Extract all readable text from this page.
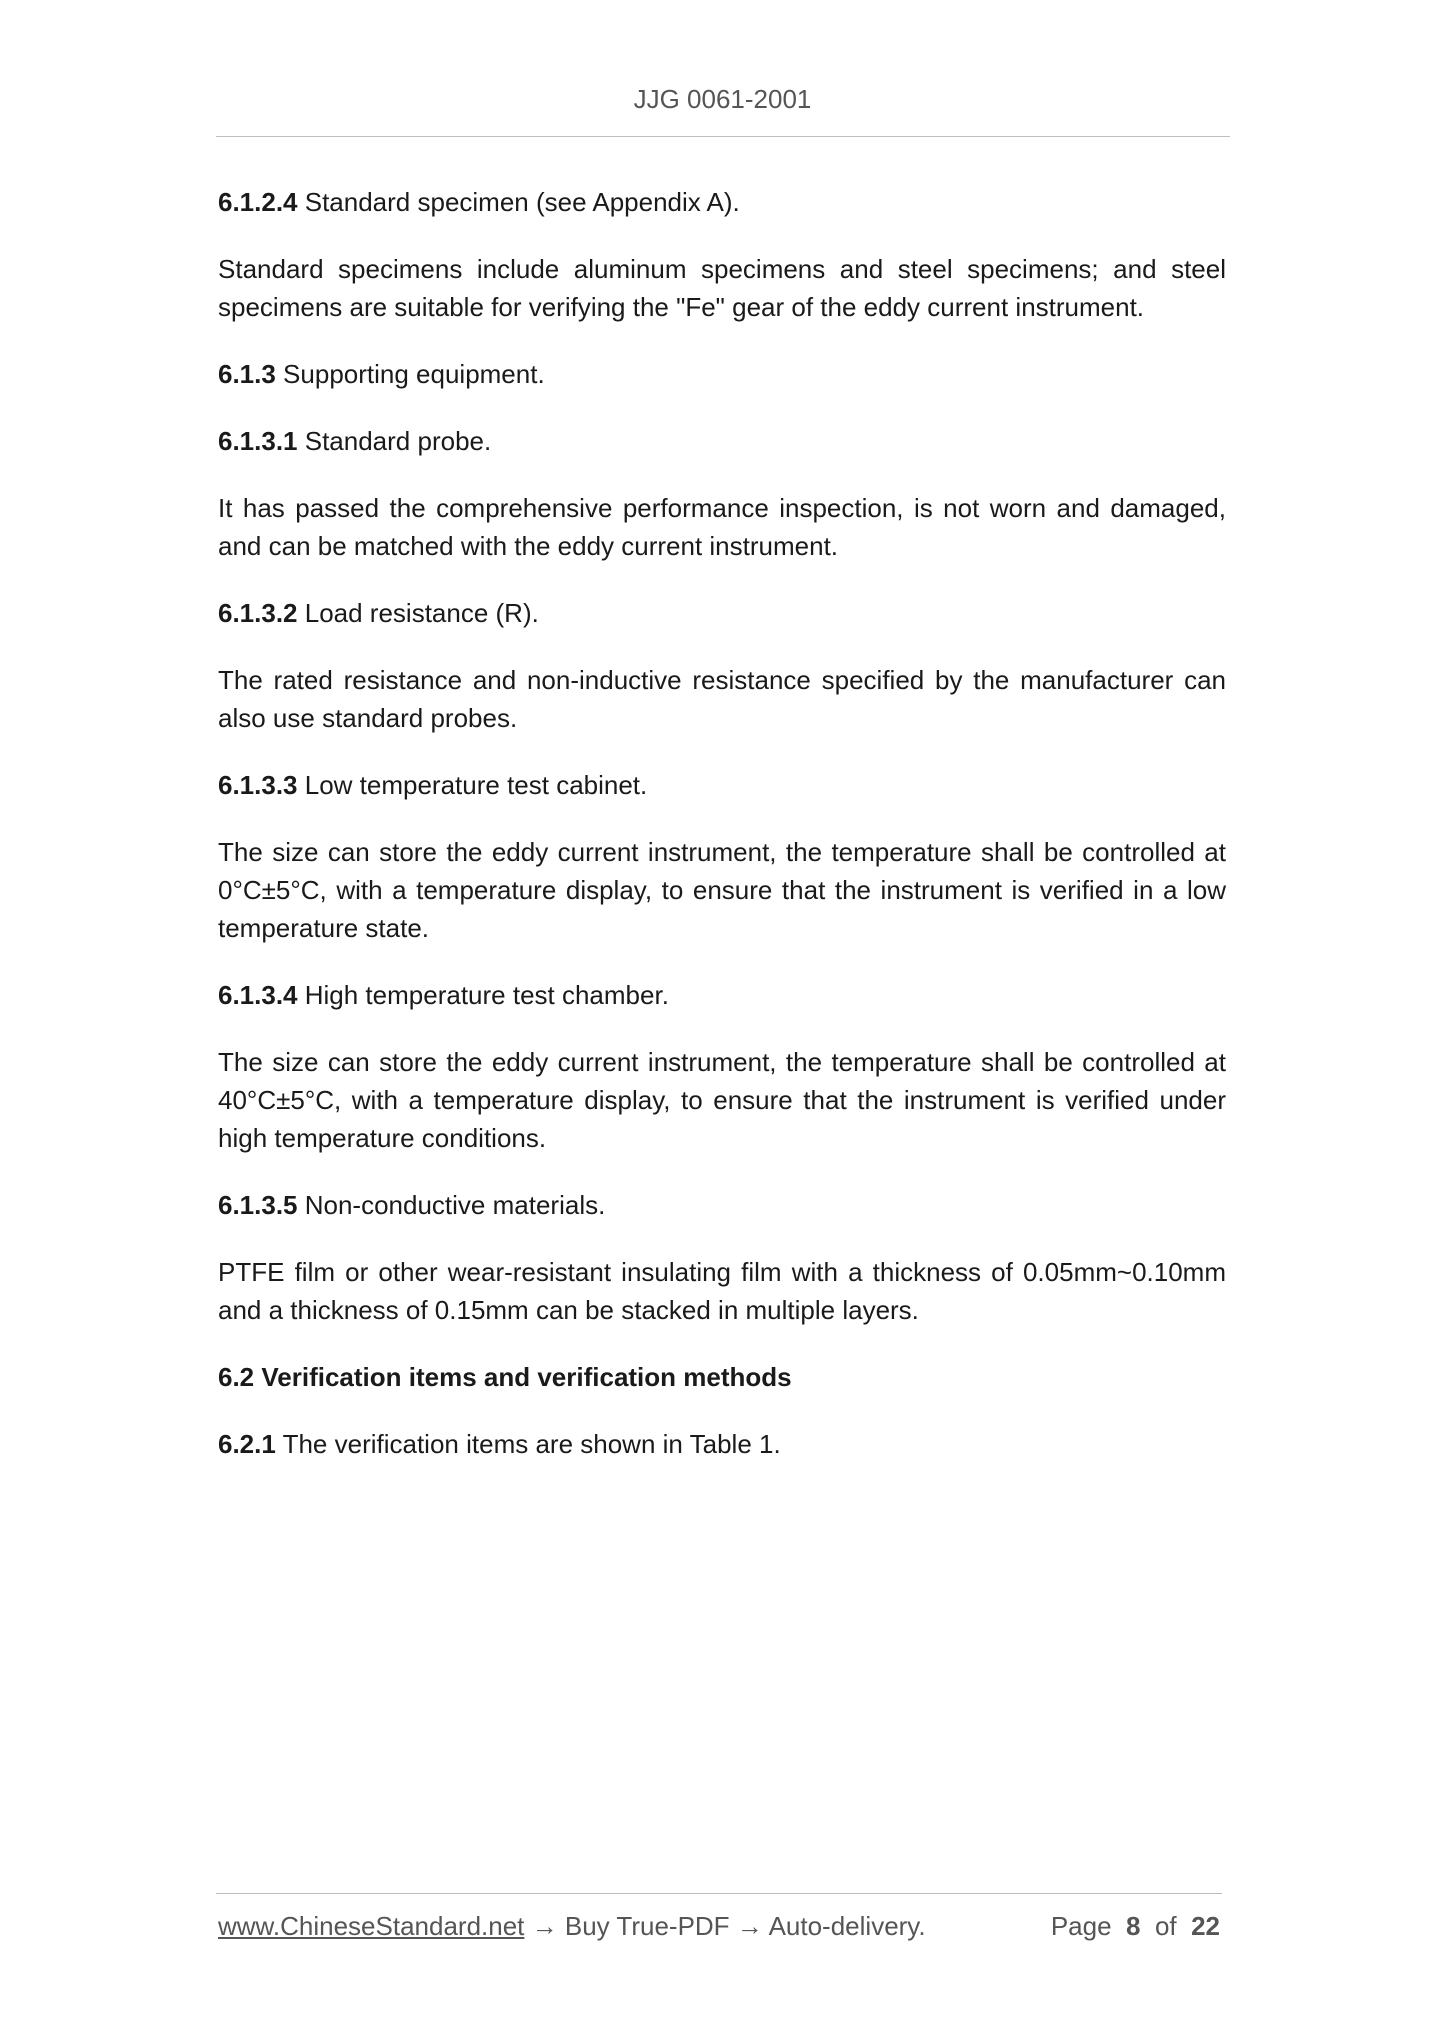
JJG 0061-2001

6.1.2.4 Standard specimen (see Appendix A).

Standard specimens include aluminum specimens and steel specimens; and steel specimens are suitable for verifying the "Fe" gear of the eddy current instrument.

6.1.3 Supporting equipment.

6.1.3.1 Standard probe.

It has passed the comprehensive performance inspection, is not worn and damaged, and can be matched with the eddy current instrument.

6.1.3.2 Load resistance (R).

The rated resistance and non-inductive resistance specified by the manufacturer can also use standard probes.

6.1.3.3 Low temperature test cabinet.

The size can store the eddy current instrument, the temperature shall be controlled at 0°C±5°C, with a temperature display, to ensure that the instrument is verified in a low temperature state.

6.1.3.4 High temperature test chamber.

The size can store the eddy current instrument, the temperature shall be controlled at 40°C±5°C, with a temperature display, to ensure that the instrument is verified under high temperature conditions.

6.1.3.5 Non-conductive materials.

PTFE film or other wear-resistant insulating film with a thickness of 0.05mm~0.10mm and a thickness of 0.15mm can be stacked in multiple layers.

6.2 Verification items and verification methods

6.2.1 The verification items are shown in Table 1.

www.ChineseStandard.net → Buy True-PDF → Auto-delivery.	Page 8 of 22
